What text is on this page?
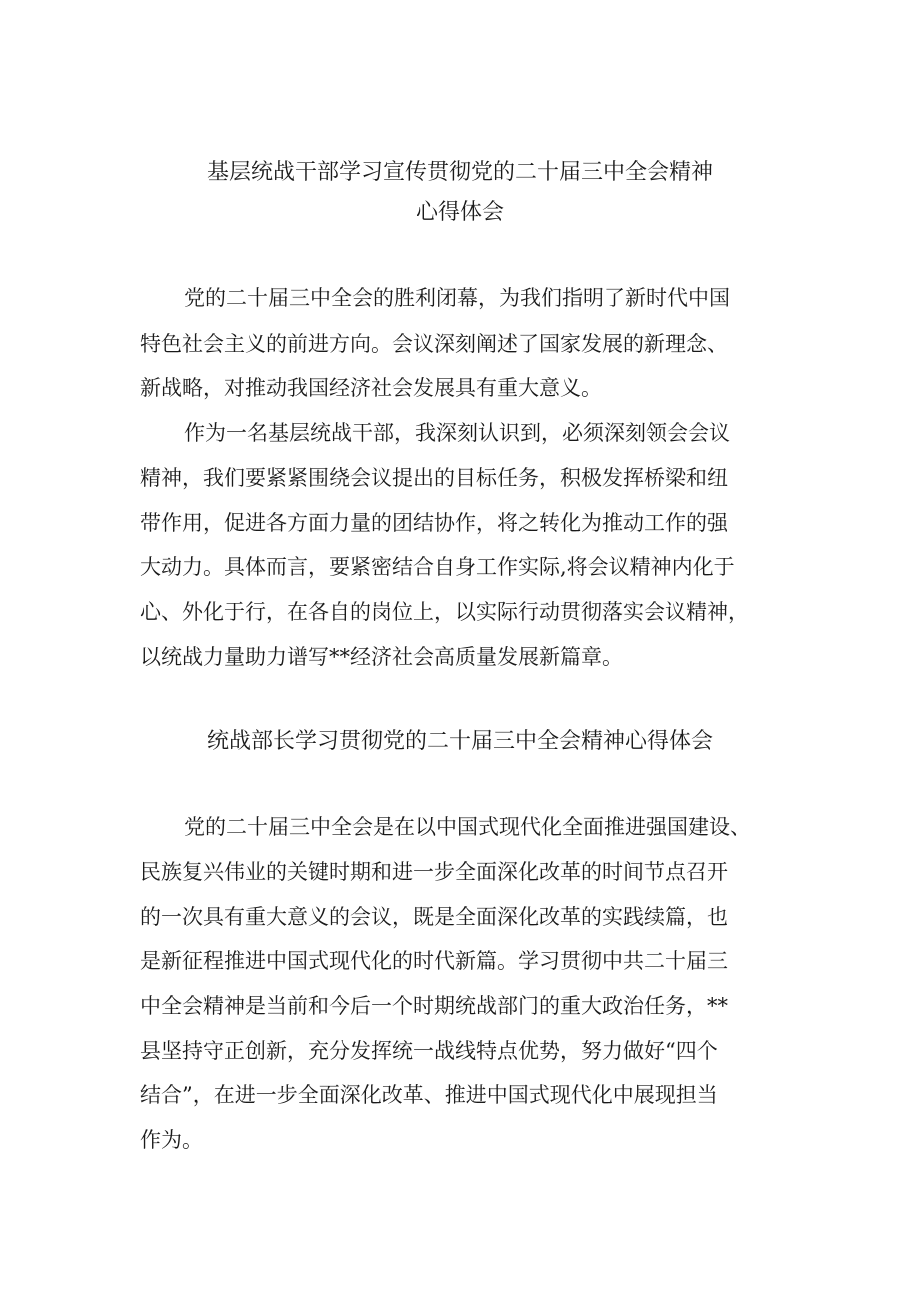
基层统战干部学习宣传贯彻党的二十届三中全会精神
心得体会
党的二十届三中全会的胜利闭幕，为我们指明了新时代中国
特色社会主义的前进方向。会议深刻阐述了国家发展的新理念、
新战略，对推动我国经济社会发展具有重大意义。
作为一名基层统战干部，我深刻认识到，必须深刻领会会议
精神，我们要紧紧围绕会议提出的目标任务，积极发挥桥梁和纽
带作用，促进各方面力量的团结协作，将之转化为推动工作的强
大动力。具体而言，要紧密结合自身工作实际,将会议精神内化于
心、外化于行，在各自的岗位上，以实际行动贯彻落实会议精神，
以统战力量助力谱写**经济社会高质量发展新篇章。
统战部长学习贯彻党的二十届三中全会精神心得体会
党的二十届三中全会是在以中国式现代化全面推进强国建设、
民族复兴伟业的关键时期和进一步全面深化改革的时间节点召开
的一次具有重大意义的会议，既是全面深化改革的实践续篇，也
是新征程推进中国式现代化的时代新篇。学习贯彻中共二十届三
中全会精神是当前和今后一个时期统战部门的重大政治任务，**
县坚持守正创新，充分发挥统一战线特点优势，努力做好“四个
结合”，在进一步全面深化改革、推进中国式现代化中展现担当
作为。
